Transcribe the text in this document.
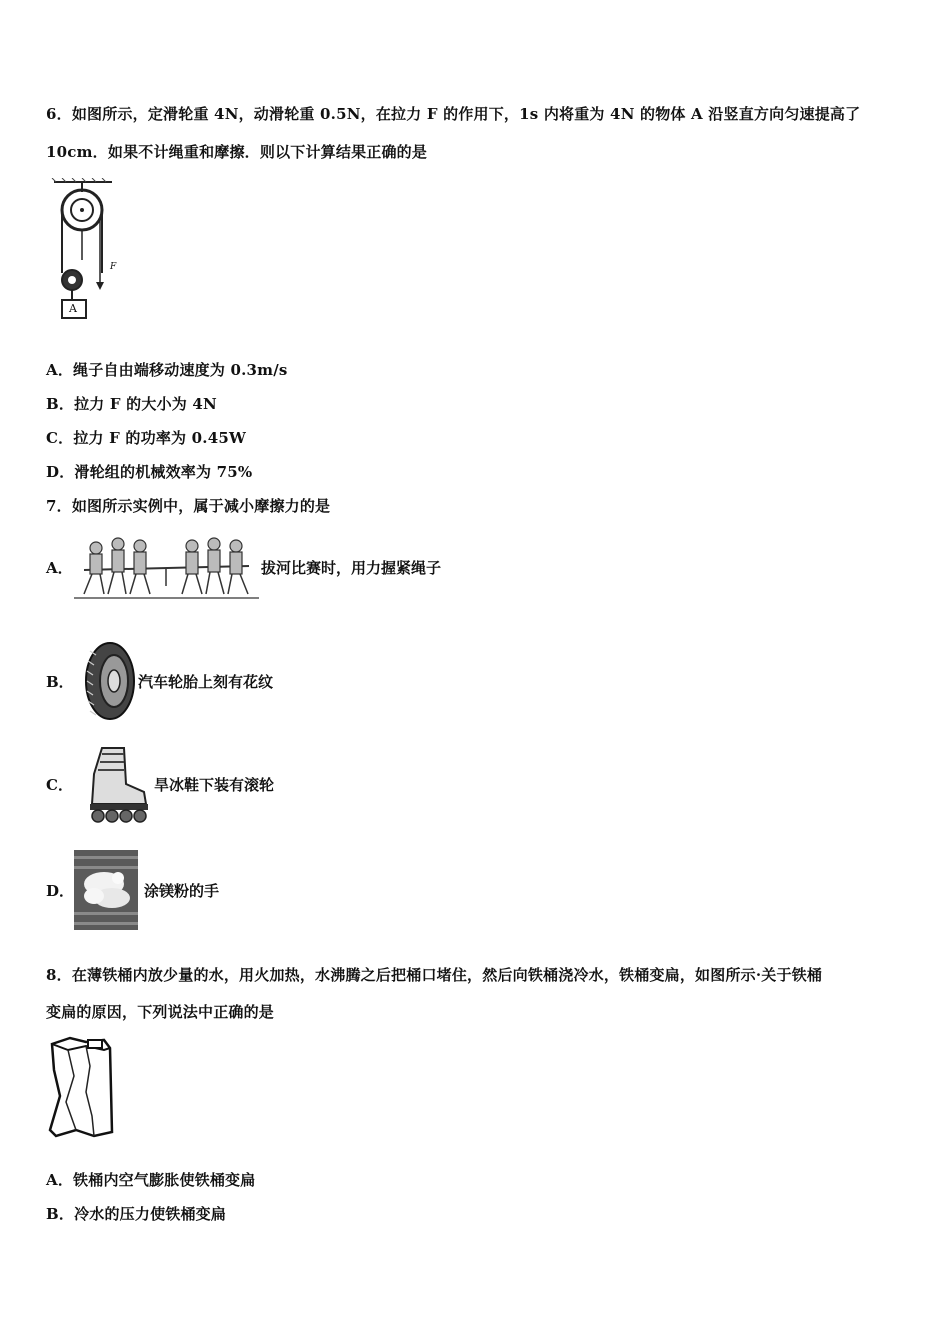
6．如图所示，定滑轮重 4N，动滑轮重 0.5N，在拉力 F 的作用下，1s 内将重为 4N 的物体 A 沿竖直方向匀速提高了
10cm．如果不计绳重和摩擦．则以下计算结果正确的是
A
F
A．绳子自由端移动速度为 0.3m/s
B．拉力 F 的大小为 4N
C．拉力 F 的功率为 0.45W
D．滑轮组的机械效率为 75%
7．如图所示实例中，属于减小摩擦力的是
A．	拔河比赛时，用力握紧绳子
B．	汽车轮胎上刻有花纹
C．	旱冰鞋下装有滚轮
D．	涂镁粉的手
8．在薄铁桶内放少量的水，用火加热，水沸腾之后把桶口堵住，然后向铁桶浇冷水，铁桶变扁，如图所示·关于铁桶
变扁的原因，下列说法中正确的是
A．铁桶内空气膨胀使铁桶变扁
B．冷水的压力使铁桶变扁
